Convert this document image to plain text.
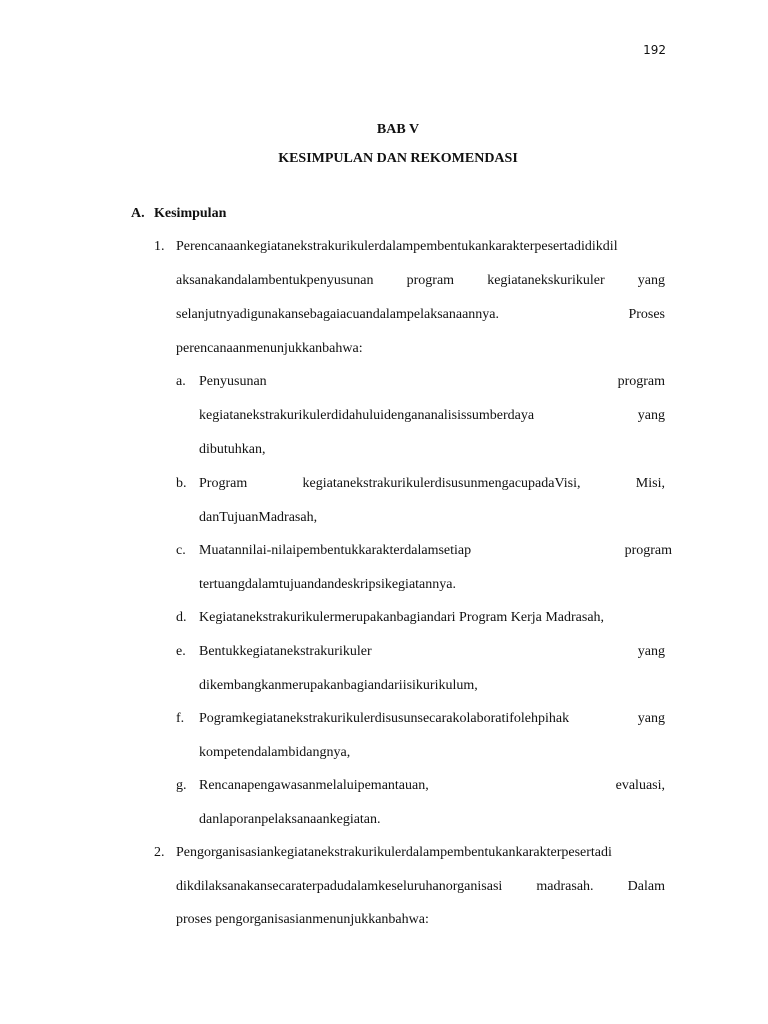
192
BAB V
KESIMPULAN DAN REKOMENDASI
A. Kesimpulan
1. Perencanaankegiatanekstrakurikulerdalampembentukankarakterpesertadidikdil
aksanakandalambentukpenyusunan program kegiatanekskurikuler yang
selanjutnyadigunakansebagaiacuandalampelaksanaannya.	Proses
perencanaanmenunjukkanbahwa:
a. Penyusunan	program
kegiatanekstrakurikulerdidahuluidengananalisissumberdaya	yang
dibutuhkan,
b. Program	kegiatanekstrakurikulerdisusunmengacupadaVisi,	Misi,
danTujuanMadrasah,
c. Muatannilai-nilaipembentukkarakterdalamsetiap	program
tertuangdalamtujuandandeskripsikegiatannya.
d. Kegiatanekstrakurikulermerupakanbagiandari Program Kerja Madrasah,
e. Bentukkegiatanekstrakurikuler	yang
dikembangkanmerupakanbagiandariisikurikulum,
f. Pogramkegiatanekstrakurikulerdisusunsecarakolaboratifolehpihak	yang
kompetendalambidangnya,
g. Rencanapengawasanmelaluipemantauan,	evaluasi,
danlaporanpelaksanaankegiatan.
2. Pengorganisasiankegiatanekstrakurikulerdalampembentukankarakterpesertadi
dikdilaksanakansecaraterpadudalamkeseluruhanorganisasi madrasah. Dalam
proses pengorganisasianmenunjukkanbahwa:
